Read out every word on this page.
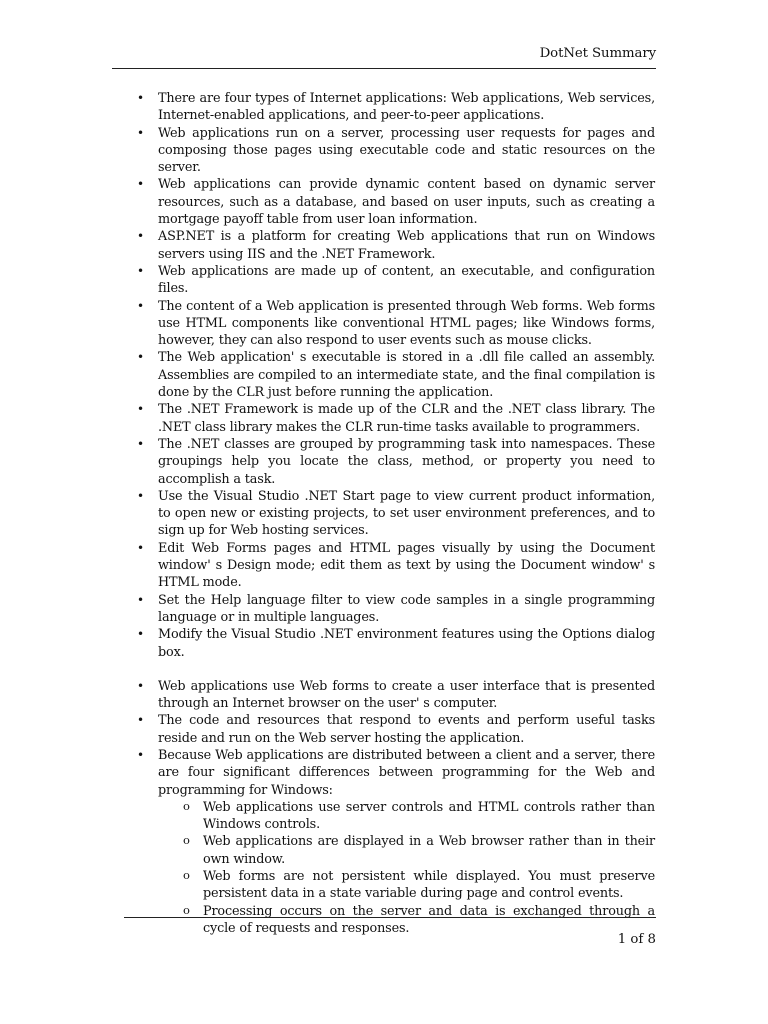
DotNet Summary
• There are four types of Internet applications: Web applications, Web services, Internet-enabled applications, and peer-to-peer applications.
• Web applications run on a server, processing user requests for pages and composing those pages using executable code and static resources on the server.
• Web applications can provide dynamic content based on dynamic server resources, such as a database, and based on user inputs, such as creating a mortgage payoff table from user loan information.
• ASP.NET is a platform for creating Web applications that run on Windows servers using IIS and the .NET Framework.
• Web applications are made up of content, an executable, and configuration files.
• The content of a Web application is presented through Web forms. Web forms use HTML components like conventional HTML pages; like Windows forms, however, they can also respond to user events such as mouse clicks.
• The Web application' s executable is stored in a .dll file called an assembly. Assemblies are compiled to an intermediate state, and the final compilation is done by the CLR just before running the application.
• The .NET Framework is made up of the CLR and the .NET class library. The .NET class library makes the CLR run-time tasks available to programmers.
• The .NET classes are grouped by programming task into namespaces. These groupings help you locate the class, method, or property you need to accomplish a task.
• Use the Visual Studio .NET Start page to view current product information, to open new or existing projects, to set user environment preferences, and to sign up for Web hosting services.
• Edit Web Forms pages and HTML pages visually by using the Document window' s Design mode; edit them as text by using the Document window' s HTML mode.
• Set the Help language filter to view code samples in a single programming language or in multiple languages.
• Modify the Visual Studio .NET environment features using the Options dialog box.
• Web applications use Web forms to create a user interface that is presented through an Internet browser on the user' s computer.
• The code and resources that respond to events and perform useful tasks reside and run on the Web server hosting the application.
• Because Web applications are distributed between a client and a server, there are four significant differences between programming for the Web and programming for Windows:
o Web applications use server controls and HTML controls rather than Windows controls.
o Web applications are displayed in a Web browser rather than in their own window.
o Web forms are not persistent while displayed. You must preserve persistent data in a state variable during page and control events.
o Processing occurs on the server and data is exchanged through a cycle of requests and responses.
1 of 8
